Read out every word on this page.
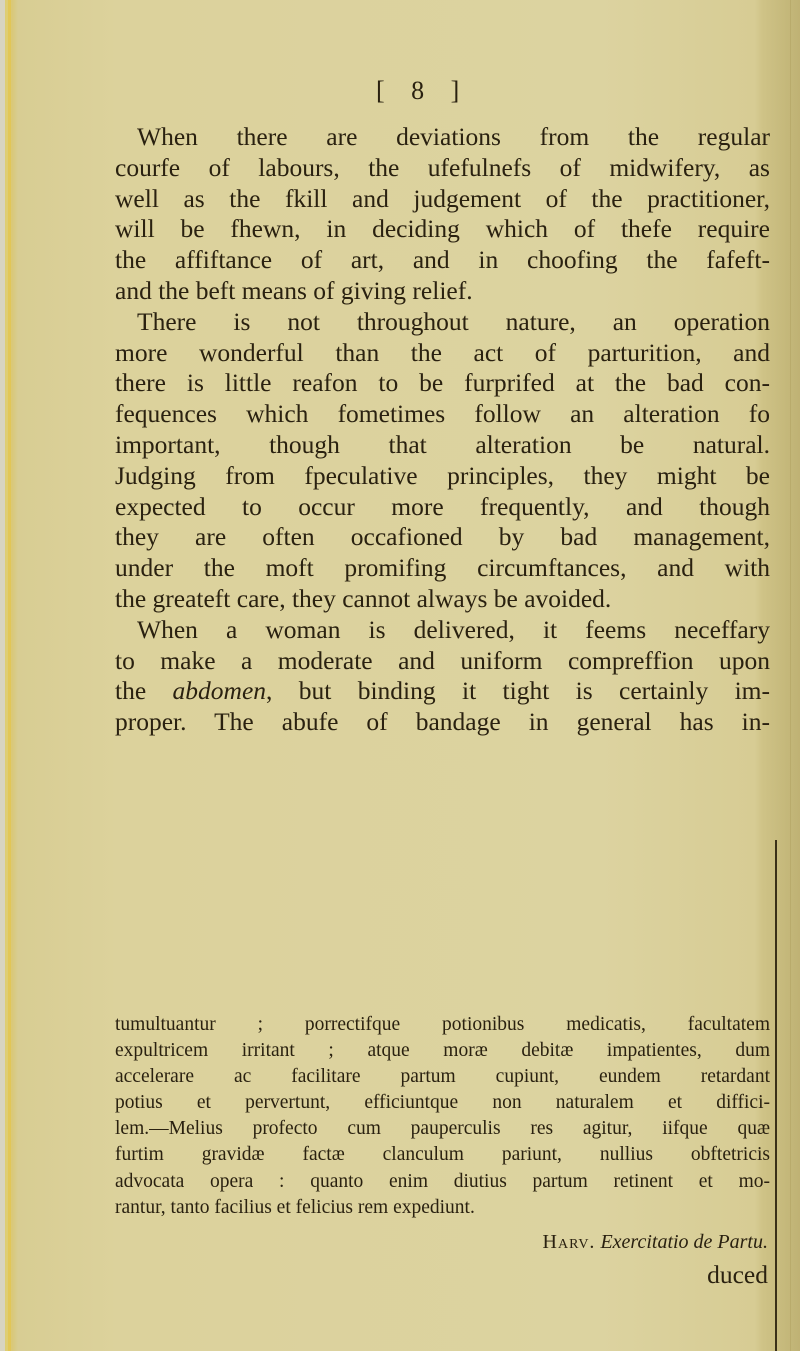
[ 8 ]
When there are deviations from the regular
courfe of labours, the ufefulnefs of midwifery, as
well as the fkill and judgement of the practitioner,
will be fhewn, in deciding which of thefe require
the affiftance of art, and in choofing the fafeft-
and the beft means of giving relief.
There is not throughout nature, an operation
more wonderful than the act of parturition, and
there is little reafon to be furprifed at the bad con-
fequences which fometimes follow an alteration fo
important, though that alteration be natural.
Judging from fpeculative principles, they might be
expected to occur more frequently, and though
they are often occafioned by bad management,
under the moft promifing circumftances, and with
the greateft care, they cannot always be avoided.
When a woman is delivered, it feems neceffary
to make a moderate and uniform compreffion upon
the abdomen, but binding it tight is certainly im-
proper. The abufe of bandage in general has in-
tumultuantur ; porrectifque potionibus medicatis, facultatem
expultricem irritant ; atque moræ debitæ impatientes, dum
accelerare ac facilitare partum cupiunt, eundem retardant
potius et pervertunt, efficiuntque non naturalem et diffici-
lem.—Melius profecto cum pauperculis res agitur, iifque quæ
furtim gravidæ factæ clanculum pariunt, nullius obftetricis
advocata opera : quanto enim diutius partum retinent et mo-
rantur, tanto facilius et felicius rem expediunt.
Harv. Exercitatio de Partu.
duced
